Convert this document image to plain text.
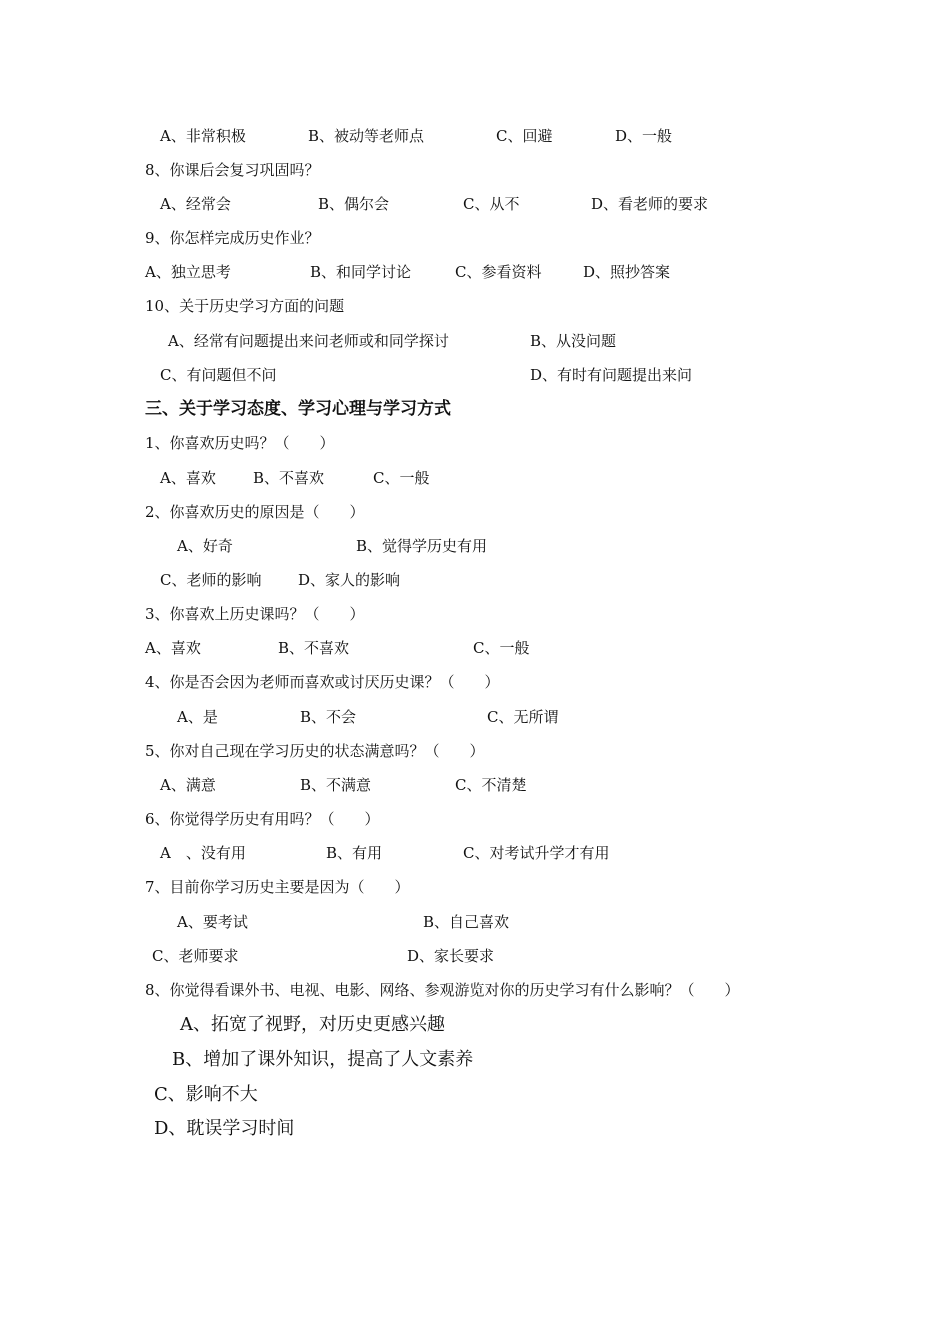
A、非常积极	B、被动等老师点	C、回避	D、一般
8、你课后会复习巩固吗？
A、经常会	B、偶尔会	C、从不	D、看老师的要求
9、你怎样完成历史作业？
A、独立思考	B、和同学讨论	C、参看资料	D、照抄答案
10、关于历史学习方面的问题
A、经常有问题提出来问老师或和同学探讨	B、从没问题
C、有问题但不问	D、有时有问题提出来问
三、关于学习态度、学习心理与学习方式
1、你喜欢历史吗？（　　）
A、喜欢 B、不喜欢	C、一般
2、你喜欢历史的原因是（　　）
A、好奇	B、觉得学历史有用
C、老师的影响 D、家人的影响
3、你喜欢上历史课吗？（　　）
A、喜欢	B、不喜欢	C、一般
4、你是否会因为老师而喜欢或讨厌历史课？（　　）
A、是	B、不会	C、无所谓
5、你对自己现在学习历史的状态满意吗？（　　）
A、满意	B、不满意	C、不清楚
6、你觉得学历史有用吗？（　　）
A　、没有用	B、有用	C、对考试升学才有用
7、目前你学习历史主要是因为（　　）
A、要考试	B、自己喜欢
C、老师要求	D、家长要求
8、你觉得看课外书、电视、电影、网络、参观游览对你的历史学习有什么影响？（　　）
A、拓宽了视野，对历史更感兴趣
B、增加了课外知识，提高了人文素养
C、影响不大
D、耽误学习时间
